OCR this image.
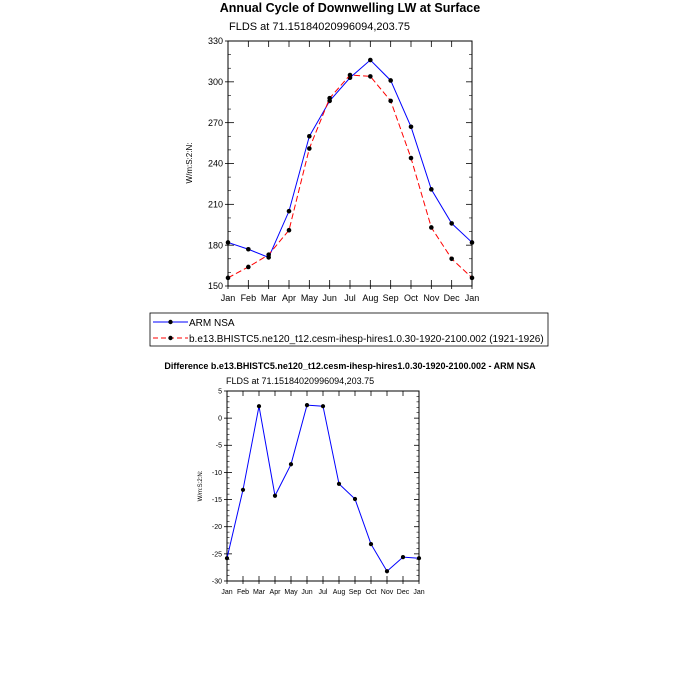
Annual Cycle of Downwelling LW at Surface
FLDS at 71.15184020996094,203.75
W/m:S:2:N:
150
180
210
240
270
300
330
Jan Feb Mar Apr May Jun Jul Aug Sep Oct Nov Dec Jan
ARM NSA
b.e13.BHISTC5.ne120_t12.cesm-ihesp-hires1.0.30-1920-2100.002 (1921-1926)
Difference b.e13.BHISTC5.ne120_t12.cesm-ihesp-hires1.0.30-1920-2100.002 - ARM NSA
FLDS at 71.15184020996094,203.75
W/m:S:2:N:
-30
-25
-20
-15
-10
-5
0
5
Jan Feb Mar Apr May Jun Jul Aug Sep Oct Nov Dec Jan
